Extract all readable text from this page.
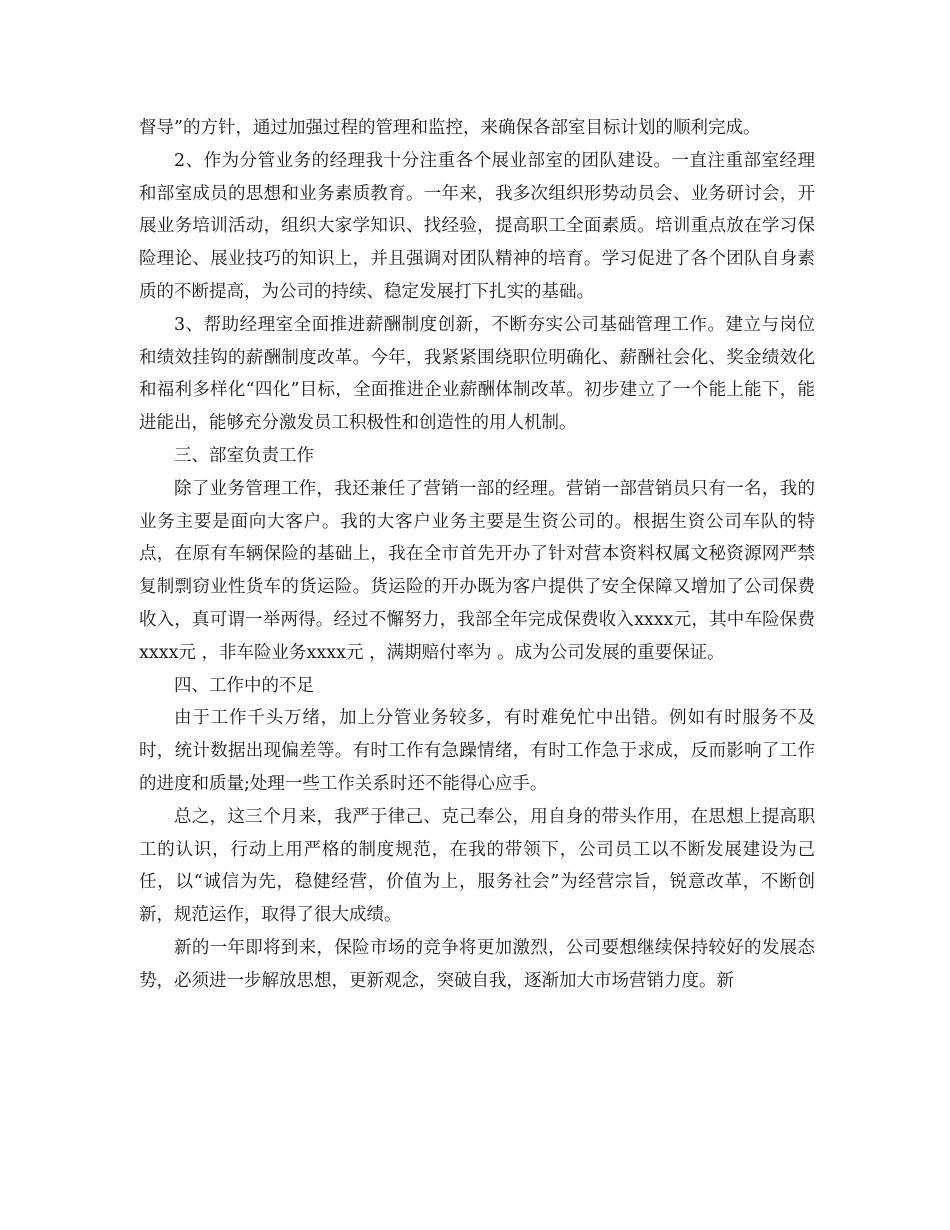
督导”的方针，通过加强过程的管理和监控，来确保各部室目标计划的顺利完成。

2、作为分管业务的经理我十分注重各个展业部室的团队建设。一直注重部室经理和部室成员的思想和业务素质教育。一年来，我多次组织形势动员会、业务研讨会，开展业务培训活动，组织大家学知识、找经验，提高职工全面素质。培训重点放在学习保险理论、展业技巧的知识上，并且强调对团队精神的培育。学习促进了各个团队自身素质的不断提高，为公司的持续、稳定发展打下扎实的基础。

3、帮助经理室全面推进薪酬制度创新，不断夯实公司基础管理工作。建立与岗位和绩效挂钩的薪酬制度改革。今年，我紧紧围绕职位明确化、薪酬社会化、奖金绩效化和福利多样化“四化”目标，全面推进企业薪酬体制改革。初步建立了一个能上能下，能进能出，能够充分激发员工积极性和创造性的用人机制。

三、部室负责工作

除了业务管理工作，我还兼任了营销一部的经理。营销一部营销员只有一名，我的业务主要是面向大客户。我的大客户业务主要是生资公司的。根据生资公司车队的特点，在原有车辆保险的基础上，我在全市首先开办了针对营本资料权属文秘资源网严禁复制剽窃业性货车的货运险。货运险的开办既为客户提供了安全保障又增加了公司保费收入，真可谓一举两得。经过不懈努力，我部全年完成保费收入xxxx元，其中车险保费xxxx元 ，非车险业务xxxx元 ，满期赔付率为 。成为公司发展的重要保证。

四、工作中的不足

由于工作千头万绪，加上分管业务较多，有时难免忙中出错。例如有时服务不及时，统计数据出现偏差等。有时工作有急躁情绪，有时工作急于求成，反而影响了工作的进度和质量;处理一些工作关系时还不能得心应手。

总之，这三个月来，我严于律己、克己奉公，用自身的带头作用，在思想上提高职工的认识，行动上用严格的制度规范，在我的带领下，公司员工以不断发展建设为己任，以“诚信为先，稳健经营，价值为上，服务社会”为经营宗旨，锐意改革，不断创新，规范运作，取得了很大成绩。

新的一年即将到来，保险市场的竞争将更加激烈，公司要想继续保持较好的发展态势，必须进一步解放思想，更新观念，突破自我，逐渐加大市场营销力度。新
